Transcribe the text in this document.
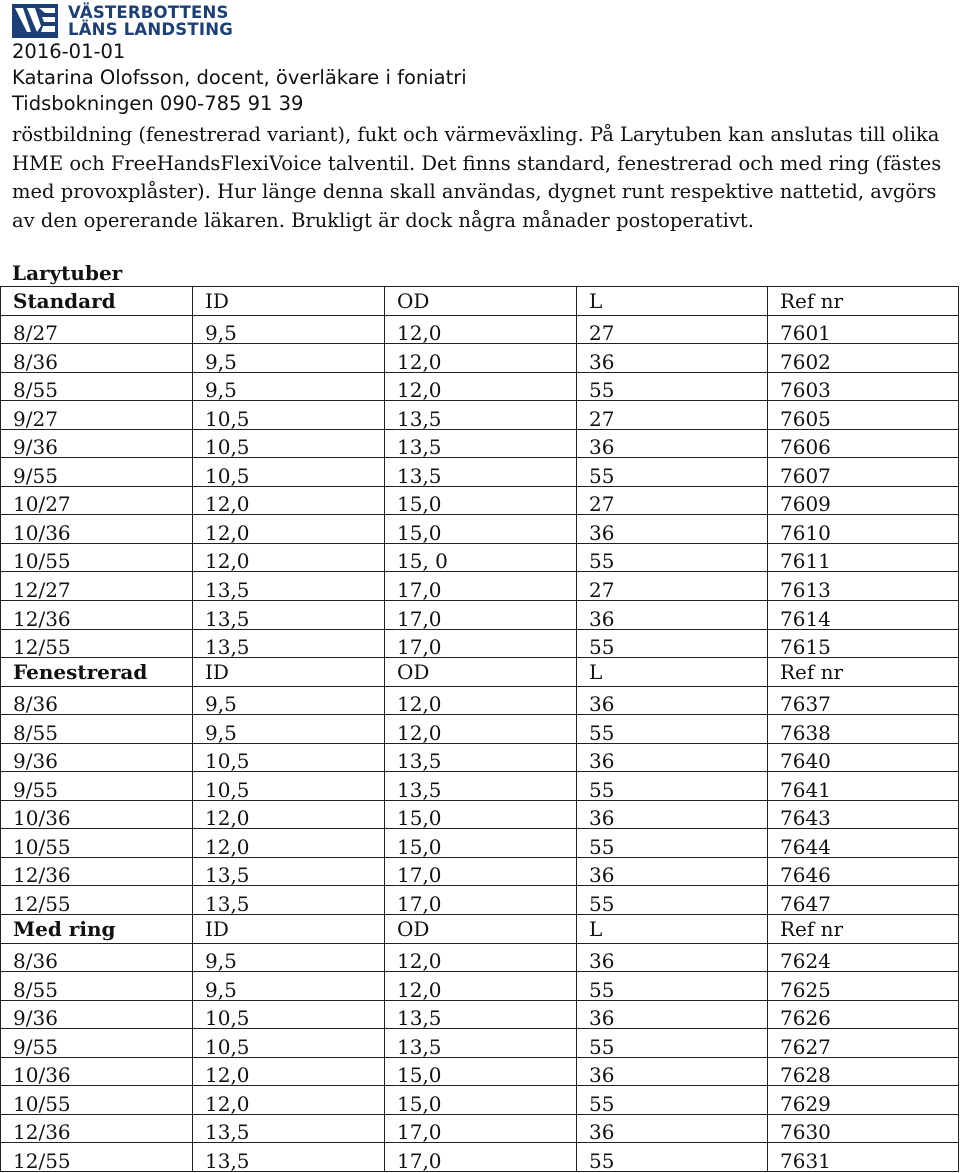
VÄSTERBOTTENS
LÄNS LANDSTING
2016-01-01
Katarina Olofsson, docent, överläkare i foniatri
Tidsbokningen 090-785 91 39
röstbildning (fenestrerad variant), fukt och värmeväxling. På Larytuben kan anslutas till olika HME och FreeHandsFlexiVoice talventil. Det finns standard, fenestrerad och med ring (fästes med provoxplåster). Hur länge denna skall användas, dygnet runt respektive nattetid, avgörs av den opererande läkaren. Brukligt är dock några månader postoperativt.
Larytuber
Standard	ID	OD	L	Ref nr
8/27	9,5	12,0	27	7601
8/36	9,5	12,0	36	7602
8/55	9,5	12,0	55	7603
9/27	10,5	13,5	27	7605
9/36	10,5	13,5	36	7606
9/55	10,5	13,5	55	7607
10/27	12,0	15,0	27	7609
10/36	12,0	15,0	36	7610
10/55	12,0	15, 0	55	7611
12/27	13,5	17,0	27	7613
12/36	13,5	17,0	36	7614
12/55	13,5	17,0	55	7615
Fenestrerad	ID	OD	L	Ref nr
8/36	9,5	12,0	36	7637
8/55	9,5	12,0	55	7638
9/36	10,5	13,5	36	7640
9/55	10,5	13,5	55	7641
10/36	12,0	15,0	36	7643
10/55	12,0	15,0	55	7644
12/36	13,5	17,0	36	7646
12/55	13,5	17,0	55	7647
Med ring	ID	OD	L	Ref nr
8/36	9,5	12,0	36	7624
8/55	9,5	12,0	55	7625
9/36	10,5	13,5	36	7626
9/55	10,5	13,5	55	7627
10/36	12,0	15,0	36	7628
10/55	12,0	15,0	55	7629
12/36	13,5	17,0	36	7630
12/55	13,5	17,0	55	7631
